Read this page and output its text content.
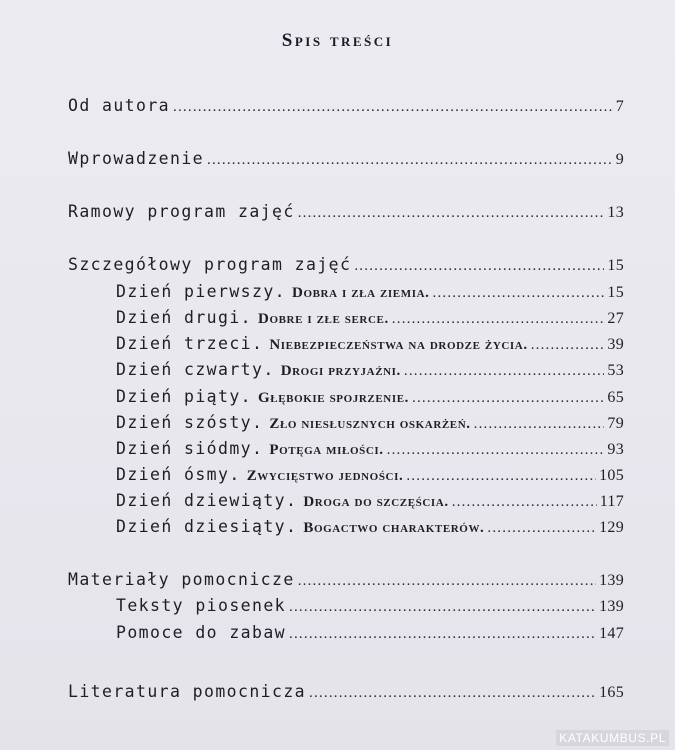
Spis treści
Od autora .....	7
Wprowadzenie .....	9
Ramowy program zajęć .....	13
Szczegółowy program zajęć .....	15
Dzień pierwszy. Dobra i zła ziemia. .....	15
Dzień drugi. Dobre i złe serce. .....	27
Dzień trzeci. Niebezpieczeństwa na drodze życia. .....	39
Dzień czwarty. Drogi przyjaźni. .....	53
Dzień piąty. Głębokie spojrzenie. .....	65
Dzień szósty. Zło niesłusznych oskarżeń. .....	79
Dzień siódmy. Potęga miłości. .....	93
Dzień ósmy. Zwycięstwo jedności. .....	105
Dzień dziewiąty. Droga do szczęścia. .....	117
Dzień dziesiąty. Bogactwo charakterów. .....	129
Materiały pomocnicze .....	139
Teksty piosenek .....	139
Pomoce do zabaw .....	147
Literatura pomocnicza .....	165
KATAKUMBUS.PL
